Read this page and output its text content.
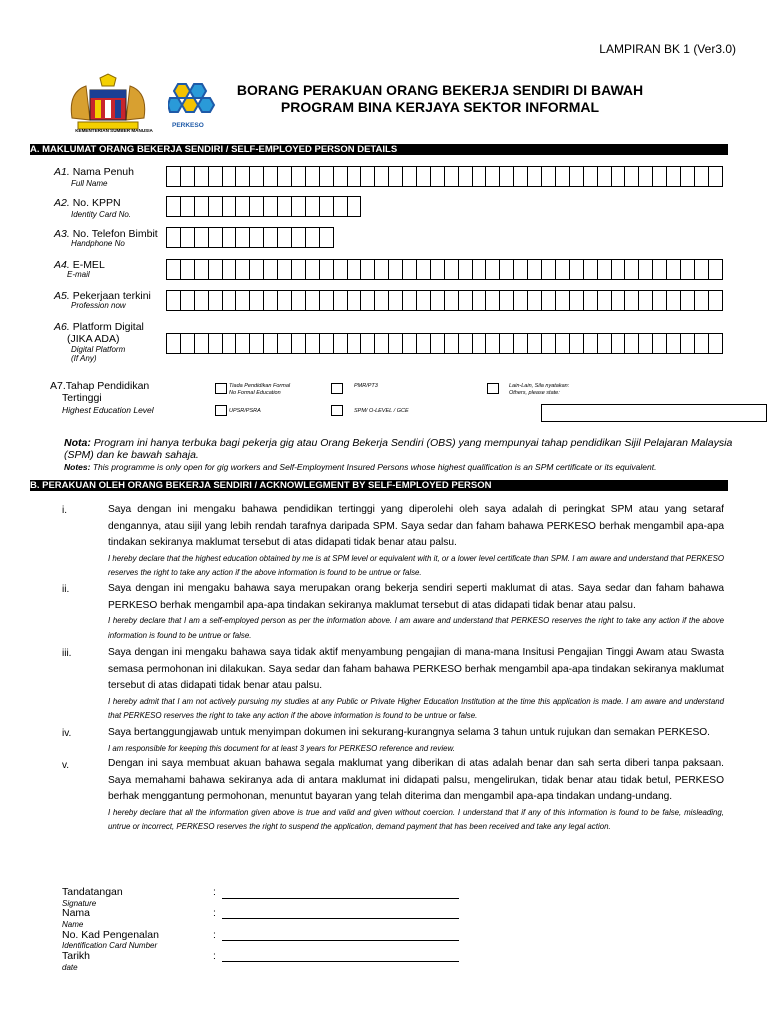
LAMPIRAN BK 1 (Ver3.0)
KEMENTERIAN SUMBER MANUSIA
PERKESO
BORANG PERAKUAN ORANG BEKERJA SENDIRI DI BAWAH
PROGRAM BINA KERJAYA SEKTOR INFORMAL
A. MAKLUMAT ORANG BEKERJA SENDIRI / SELF-EMPLOYED PERSON DETAILS
A1. Nama Penuh
Full Name
A2. No. KPPN
Identity Card No.
A3. No. Telefon Bimbit
Handphone No
A4. E-MEL
E-mail
A5. Pekerjaan terkini
Profession now
A6. Platform Digital
(JIKA ADA)
Digital Platform
(If Any)
A7.Tahap Pendidikan
Tertinggi
Highest Education Level
Tiada Pendidikan Formal
No Formal Education
PMR/PT3	Lain-Lain, Sila nyatakan:
Others, please state:
UPSR/PSRA	SPM/ O-LEVEL / GCE
Nota: Program ini hanya terbuka bagi pekerja gig atau Orang Bekerja Sendiri (OBS) yang mempunyai tahap pendidikan Sijil Pelajaran Malaysia (SPM) dan ke bawah sahaja.
Notes: This programme is only open for gig workers and Self-Employment Insured Persons whose highest qualification is an SPM certificate or its equivalent.
B. PERAKUAN OLEH ORANG BEKERJA SENDIRI / ACKNOWLEGMENT BY SELF-EMPLOYED PERSON
i.	Saya dengan ini mengaku bahawa pendidikan tertinggi yang diperolehi oleh saya adalah di peringkat SPM atau yang setaraf dengannya, atau sijil yang lebih rendah tarafnya daripada SPM. Saya sedar dan faham bahawa PERKESO berhak mengambil apa-apa tindakan sekiranya maklumat tersebut di atas didapati tidak benar atau palsu.
I hereby declare that the highest education obtained by me is at SPM level or equivalent with it, or a lower level certificate than SPM. I am aware and understand that PERKESO reserves the right to take any action if the above information is found to be untrue or false.
ii.	Saya dengan ini mengaku bahawa saya merupakan orang bekerja sendiri seperti maklumat di atas. Saya sedar dan faham bahawa PERKESO berhak mengambil apa-apa tindakan sekiranya maklumat tersebut di atas didapati tidak benar atau palsu.
I hereby declare that I am a self-employed person as per the information above. I am aware and understand that PERKESO reserves the right to take any action if the above information is found to be untrue or false.
iii.	Saya dengan ini mengaku bahawa saya tidak aktif menyambung pengajian di mana-mana Insitusi Pengajian Tinggi Awam atau Swasta semasa permohonan ini dilakukan. Saya sedar dan faham bahawa PERKESO berhak mengambil apa-apa tindakan sekiranya maklumat tersebut di atas didapati tidak benar atau palsu.
I hereby admit that I am not actively pursuing my studies at any Public or Private Higher Education Institution at the time this application is made. I am aware and understand that PERKESO reserves the right to take any action if the above information is found to be untrue or false.
iv.	Saya bertanggungjawab untuk menyimpan dokumen ini sekurang-kurangnya selama 3 tahun untuk rujukan dan semakan PERKESO.
I am responsible for keeping this document for at least 3 years for PERKESO reference and review.
v.	Dengan ini saya membuat akuan bahawa segala maklumat yang diberikan di atas adalah benar dan sah serta diberi tanpa paksaan. Saya memahami bahawa sekiranya ada di antara maklumat ini didapati palsu, mengelirukan, tidak benar atau tidak betul, PERKESO berhak menggantung permohonan, menuntut bayaran yang telah diterima dan mengambil apa-apa tindakan undang-undang.
I hereby declare that all the information given above is true and valid and given without coercion. I understand that if any of this information is found to be false, misleading, untrue or incorrect, PERKESO reserves the right to suspend the application, demand payment that has been received and take any legal action.
Tandatangan
Signature
:
Nama
Name
:
No. Kad Pengenalan
Identification Card Number
:
Tarikh
date
:
